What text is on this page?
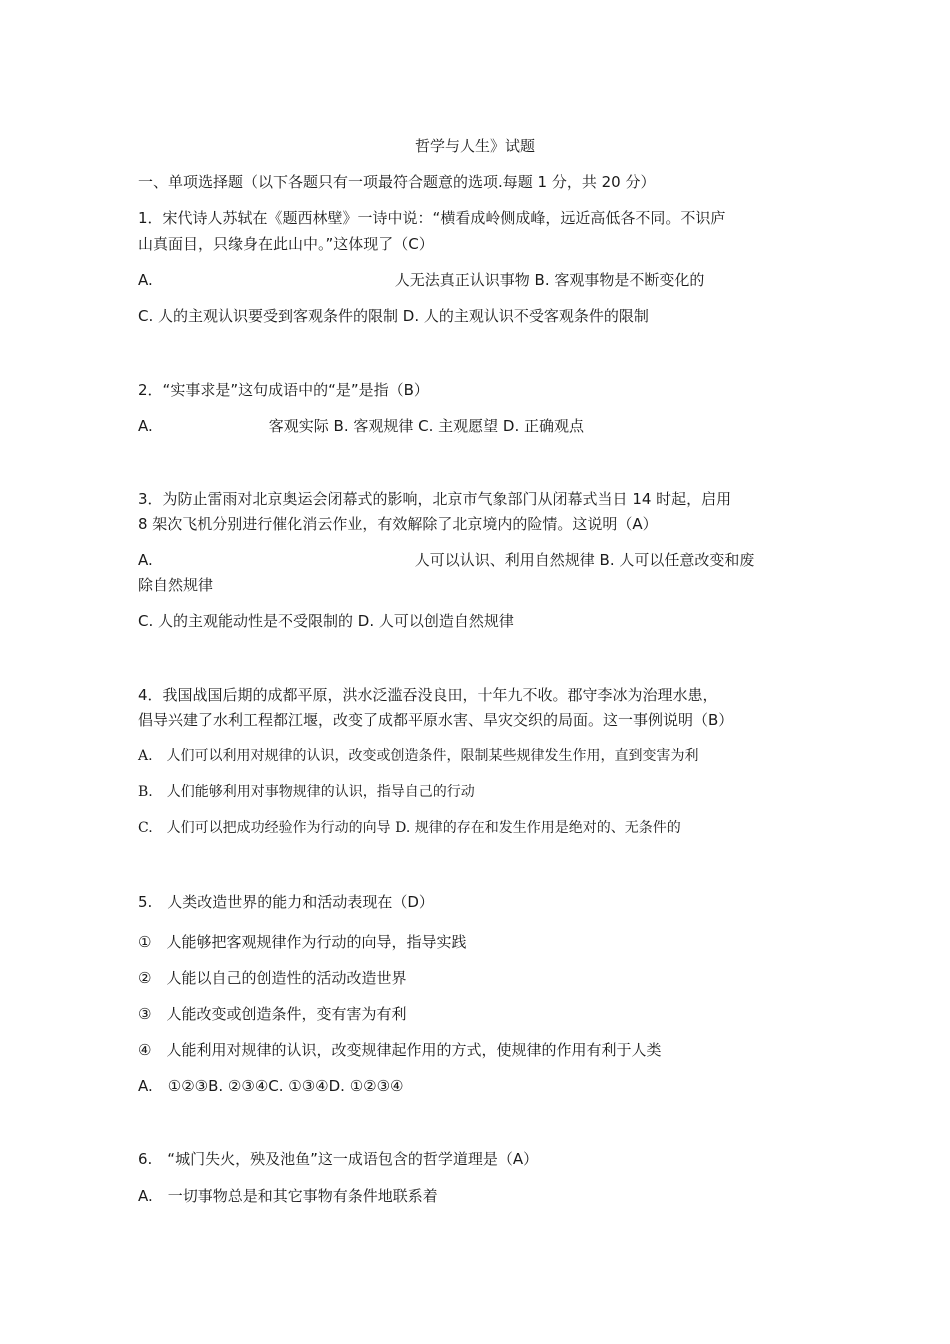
哲学与人生》试题
一、单项选择题（以下各题只有一项最符合题意的选项.每题 1 分，共 20 分）
1．宋代诗人苏轼在《题西林壁》一诗中说：“横看成岭侧成峰，远近高低各不同。不识庐
山真面目，只缘身在此山中。”这体现了（C）
A.	人无法真正认识事物 B. 客观事物是不断变化的
C. 人的主观认识要受到客观条件的限制 D. 人的主观认识不受客观条件的限制
2．“实事求是”这句成语中的“是”是指（B）
A.	客观实际 B. 客观规律 C. 主观愿望 D. 正确观点
3．为防止雷雨对北京奥运会闭幕式的影响，北京市气象部门从闭幕式当日 14 时起，启用
8 架次飞机分别进行催化消云作业，有效解除了北京境内的险情。这说明（A）
A.	人可以认识、利用自然规律 B. 人可以任意改变和废
除自然规律
C. 人的主观能动性是不受限制的 D. 人可以创造自然规律
4．我国战国后期的成都平原，洪水泛滥吞没良田，十年九不收。郡守李冰为治理水患，
倡导兴建了水利工程都江堰，改变了成都平原水害、旱灾交织的局面。这一事例说明（B）
A.　人们可以利用对规律的认识，改变或创造条件，限制某些规律发生作用，直到变害为利
B.　人们能够利用对事物规律的认识，指导自己的行动
C.　人们可以把成功经验作为行动的向导 D. 规律的存在和发生作用是绝对的、无条件的
5.　人类改造世界的能力和活动表现在（D）
①　人能够把客观规律作为行动的向导，指导实践
②　人能以自己的创造性的活动改造世界
③　人能改变或创造条件，变有害为有利
④　人能利用对规律的认识，改变规律起作用的方式，使规律的作用有利于人类
A.　①②③B. ②③④C. ①③④D. ①②③④
6.　“城门失火，殃及池鱼”这一成语包含的哲学道理是（A）
A.　一切事物总是和其它事物有条件地联系着
